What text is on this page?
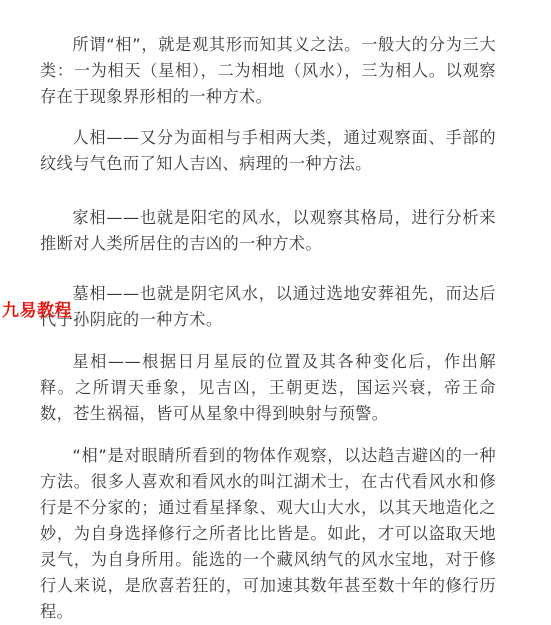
所谓“相”，就是观其形而知其义之法。一般大的分为三大类：一为相天（星相），二为相地（风水），三为相人。以观察存在于现象界形相的一种方术。

人相——又分为面相与手相两大类，通过观察面、手部的纹线与气色而了知人吉凶、病理的一种方法。

家相——也就是阳宅的风水，以观察其格局，进行分析来推断对人类所居住的吉凶的一种方术。

墓相——也就是阴宅风水，以通过选地安葬祖先，而达后代子孙阴庇的一种方术。

星相——根据日月星辰的位置及其各种变化后，作出解释。之所谓天垂象，见吉凶，王朝更迭，国运兴衰，帝王命数，苍生祸福，皆可从星象中得到映射与预警。

“相”是对眼睛所看到的物体作观察，以达趋吉避凶的一种方法。很多人喜欢和看风水的叫江湖术士，在古代看风水和修行是不分家的；通过看星择象、观大山大水，以其天地造化之妙，为自身选择修行之所者比比皆是。如此，才可以盗取天地灵气，为自身所用。能选的一个藏风纳气的风水宝地，对于修行人来说，是欣喜若狂的，可加速其数年甚至数十年的修行历程。

九易教程
